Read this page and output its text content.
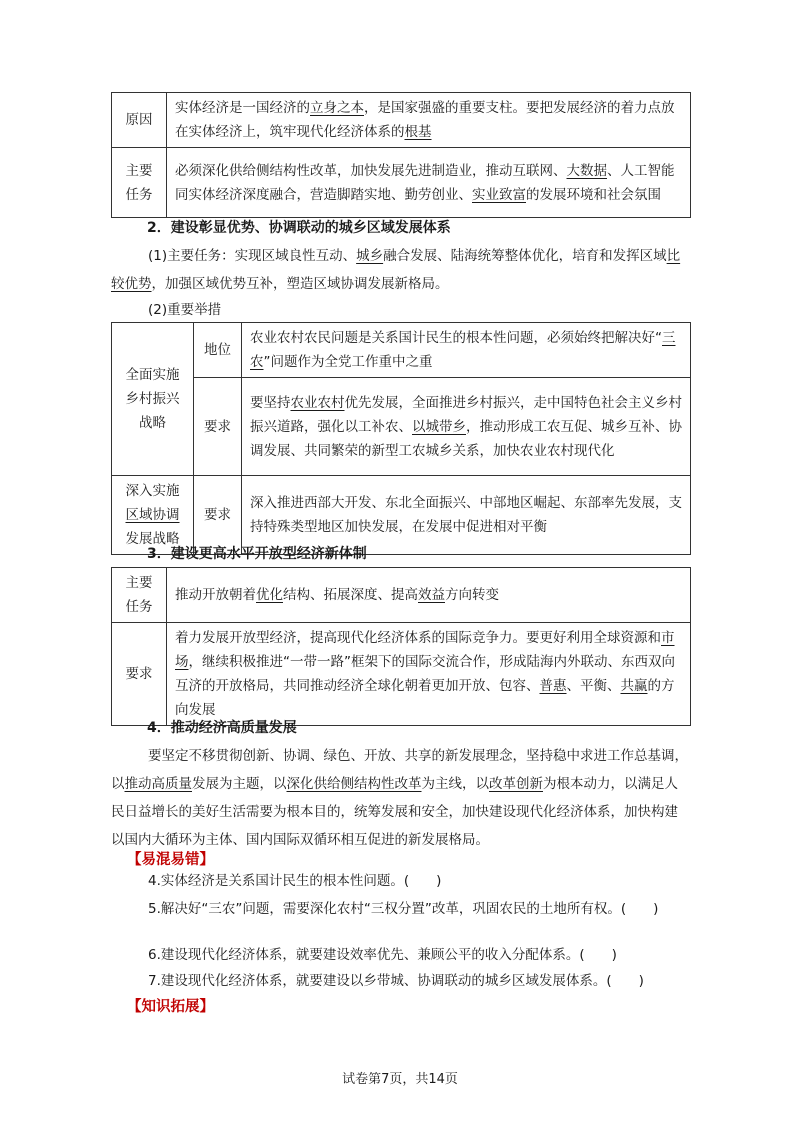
原因	实体经济是一国经济的立身之本，是国家强盛的重要支柱。要把发展经济的着力点放在实体经济上，筑牢现代化经济体系的根基
主要任务	必须深化供给侧结构性改革，加快发展先进制造业，推动互联网、大数据、人工智能同实体经济深度融合，营造脚踏实地、勤劳创业、实业致富的发展环境和社会氛围
2．建设彰显优势、协调联动的城乡区域发展体系
(1)主要任务：实现区域良性互动、城乡融合发展、陆海统筹整体优化，培育和发挥区域比较优势，加强区域优势互补，塑造区域协调发展新格局。
(2)重要举措
全面实施乡村振兴战略	地位	农业农村农民问题是关系国计民生的根本性问题，必须始终把解决好“三农”问题作为全党工作重中之重
	要求	要坚持农业农村优先发展，全面推进乡村振兴，走中国特色社会主义乡村振兴道路，强化以工补农、以城带乡，推动形成工农互促、城乡互补、协调发展、共同繁荣的新型工农城乡关系，加快农业农村现代化
深入实施区域协调发展战略	要求	深入推进西部大开发、东北全面振兴、中部地区崛起、东部率先发展，支持特殊类型地区加快发展，在发展中促进相对平衡
3．建设更高水平开放型经济新体制
主要任务	推动开放朝着优化结构、拓展深度、提高效益方向转变
要求	着力发展开放型经济，提高现代化经济体系的国际竞争力。要更好利用全球资源和市场，继续积极推进“一带一路”框架下的国际交流合作，形成陆海内外联动、东西双向互济的开放格局，共同推动经济全球化朝着更加开放、包容、普惠、平衡、共赢的方向发展
4．推动经济高质量发展
要坚定不移贯彻创新、协调、绿色、开放、共享的新发展理念，坚持稳中求进工作总基调，以推动高质量发展为主题，以深化供给侧结构性改革为主线，以改革创新为根本动力，以满足人民日益增长的美好生活需要为根本目的，统筹发展和安全，加快建设现代化经济体系，加快构建以国内大循环为主体、国内国际双循环相互促进的新发展格局。
【易混易错】
4.实体经济是关系国计民生的根本性问题。(　　)
5.解决好“三农”问题，需要深化农村“三权分置”改革，巩固农民的土地所有权。(　　)
6.建设现代化经济体系，就要建设效率优先、兼顾公平的收入分配体系。(　　)
7.建设现代化经济体系，就要建设以乡带城、协调联动的城乡区域发展体系。(　　)
【知识拓展】
试卷第7页，共14页
